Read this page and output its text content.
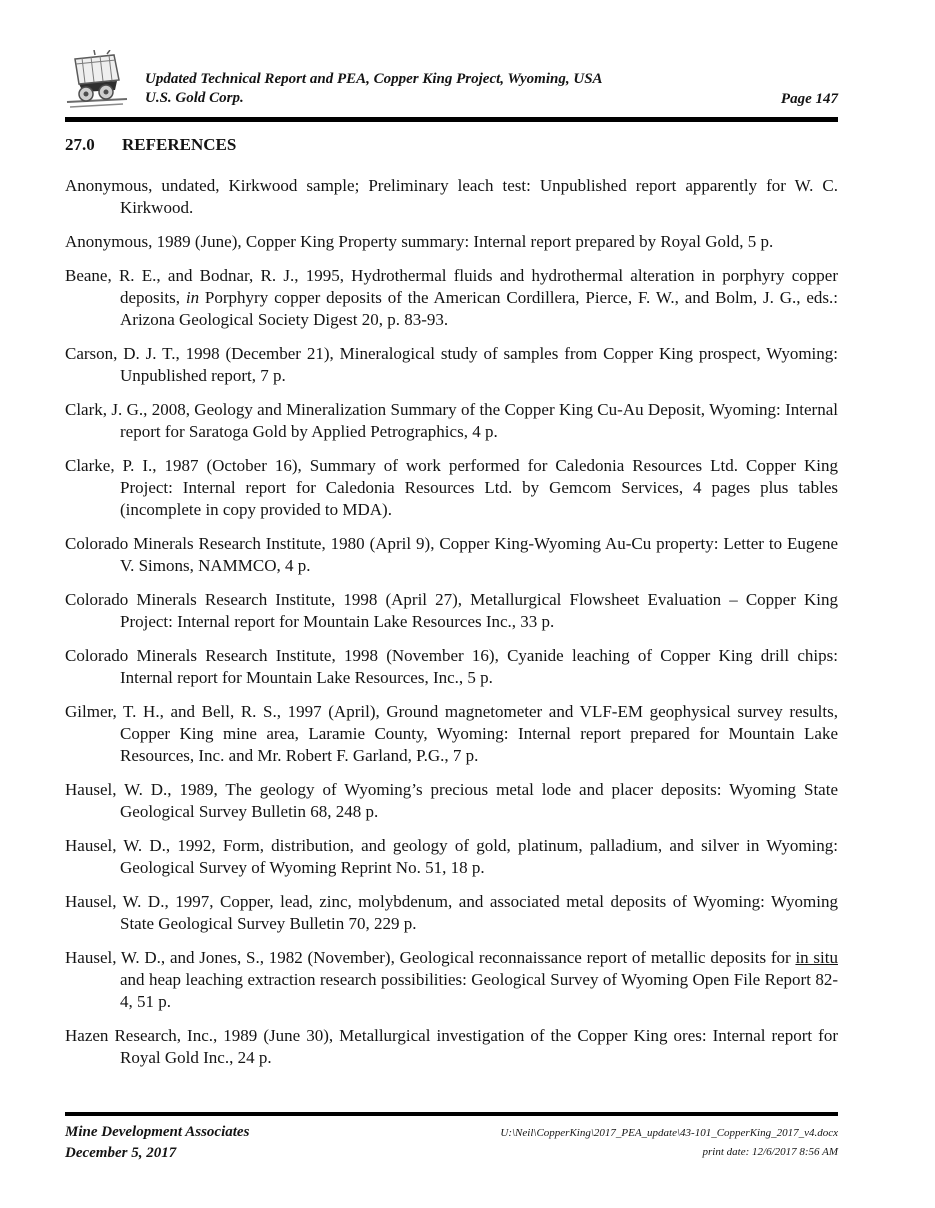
Updated Technical Report and PEA, Copper King Project, Wyoming, USA
U.S. Gold Corp.	Page 147
27.0	REFERENCES

Anonymous, undated, Kirkwood sample; Preliminary leach test: Unpublished report apparently for W. C. Kirkwood.

Anonymous, 1989 (June), Copper King Property summary: Internal report prepared by Royal Gold, 5 p.

Beane, R. E., and Bodnar, R. J., 1995, Hydrothermal fluids and hydrothermal alteration in porphyry copper deposits, in Porphyry copper deposits of the American Cordillera, Pierce, F. W., and Bolm, J. G., eds.: Arizona Geological Society Digest 20, p. 83-93.

Carson, D. J. T., 1998 (December 21), Mineralogical study of samples from Copper King prospect, Wyoming: Unpublished report, 7 p.

Clark, J. G., 2008, Geology and Mineralization Summary of the Copper King Cu-Au Deposit, Wyoming: Internal report for Saratoga Gold by Applied Petrographics, 4 p.

Clarke, P. I., 1987 (October 16), Summary of work performed for Caledonia Resources Ltd. Copper King Project: Internal report for Caledonia Resources Ltd. by Gemcom Services, 4 pages plus tables (incomplete in copy provided to MDA).

Colorado Minerals Research Institute, 1980 (April 9), Copper King-Wyoming Au-Cu property: Letter to Eugene V. Simons, NAMMCO, 4 p.

Colorado Minerals Research Institute, 1998 (April 27), Metallurgical Flowsheet Evaluation – Copper King Project: Internal report for Mountain Lake Resources Inc., 33 p.

Colorado Minerals Research Institute, 1998 (November 16), Cyanide leaching of Copper King drill chips: Internal report for Mountain Lake Resources, Inc., 5 p.

Gilmer, T. H., and Bell, R. S., 1997 (April), Ground magnetometer and VLF-EM geophysical survey results, Copper King mine area, Laramie County, Wyoming: Internal report prepared for Mountain Lake Resources, Inc. and Mr. Robert F. Garland, P.G., 7 p.

Hausel, W. D., 1989, The geology of Wyoming’s precious metal lode and placer deposits: Wyoming State Geological Survey Bulletin 68, 248 p.

Hausel, W. D., 1992, Form, distribution, and geology of gold, platinum, palladium, and silver in Wyoming: Geological Survey of Wyoming Reprint No. 51, 18 p.

Hausel, W. D., 1997, Copper, lead, zinc, molybdenum, and associated metal deposits of Wyoming: Wyoming State Geological Survey Bulletin 70, 229 p.

Hausel, W. D., and Jones, S., 1982 (November), Geological reconnaissance report of metallic deposits for in situ and heap leaching extraction research possibilities: Geological Survey of Wyoming Open File Report 82-4, 51 p.

Hazen Research, Inc., 1989 (June 30), Metallurgical investigation of the Copper King ores: Internal report for Royal Gold Inc., 24 p.

Mine Development Associates
December 5, 2017
U:\Neil\CopperKing\2017_PEA_update\43-101_CopperKing_2017_v4.docx
print date: 12/6/2017 8:56 AM
